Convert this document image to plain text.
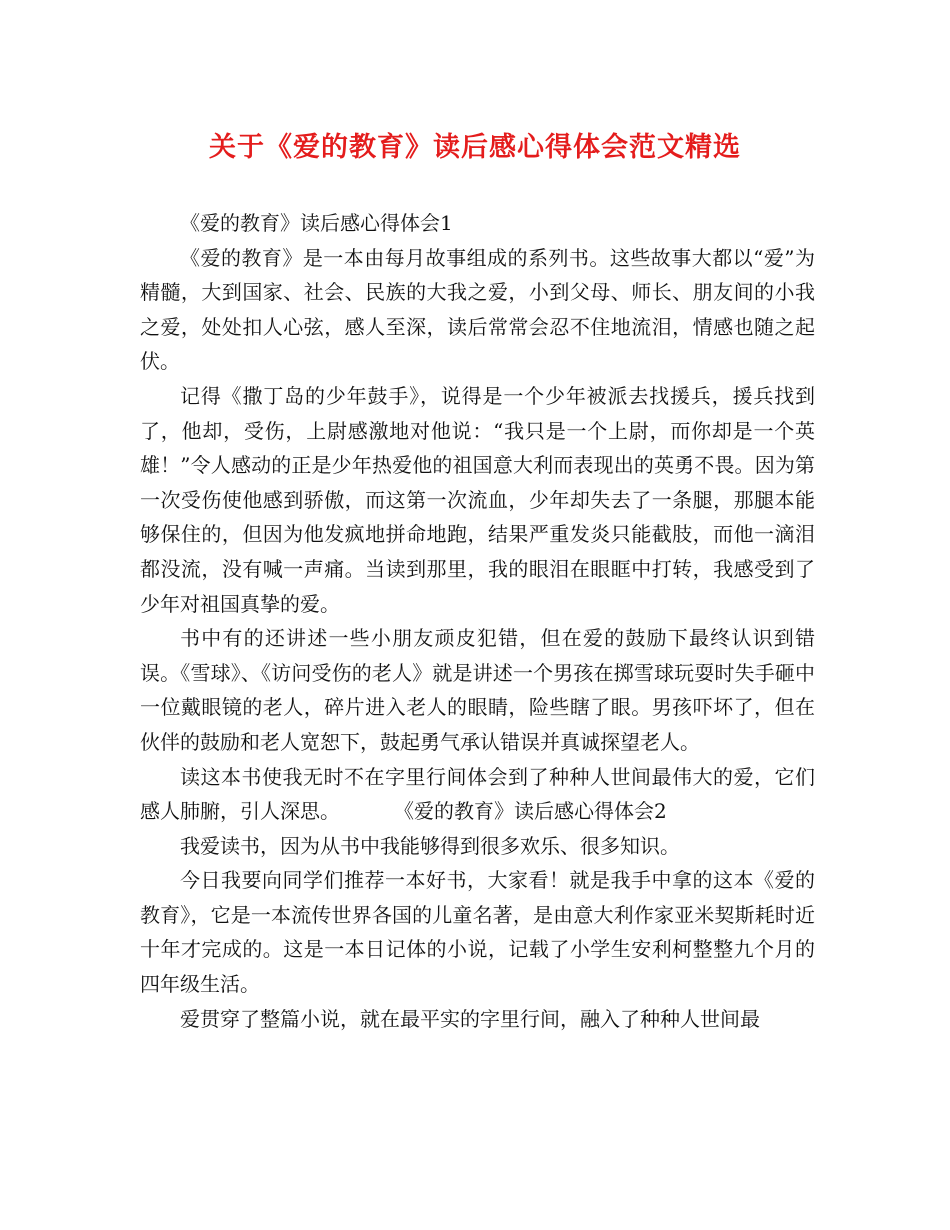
关于《爱的教育》读后感心得体会范文精选

《爱的教育》读后感心得体会1

《爱的教育》是一本由每月故事组成的系列书。这些故事大都以“爱”为精髓，大到国家、社会、民族的大我之爱，小到父母、师长、朋友间的小我之爱，处处扣人心弦，感人至深，读后常常会忍不住地流泪，情感也随之起伏。

记得《撒丁岛的少年鼓手》，说得是一个少年被派去找援兵，援兵找到了，他却，受伤，上尉感激地对他说：“我只是一个上尉，而你却是一个英雄！”令人感动的正是少年热爱他的祖国意大利而表现出的英勇不畏。因为第一次受伤使他感到骄傲，而这第一次流血，少年却失去了一条腿，那腿本能够保住的，但因为他发疯地拼命地跑，结果严重发炎只能截肢，而他一滴泪都没流，没有喊一声痛。当读到那里，我的眼泪在眼眶中打转，我感受到了少年对祖国真挚的爱。

书中有的还讲述一些小朋友顽皮犯错，但在爱的鼓励下最终认识到错误。《雪球》、《访问受伤的老人》就是讲述一个男孩在掷雪球玩耍时失手砸中一位戴眼镜的老人，碎片进入老人的眼睛，险些瞎了眼。男孩吓坏了，但在伙伴的鼓励和老人宽恕下，鼓起勇气承认错误并真诚探望老人。

读这本书使我无时不在字里行间体会到了种种人世间最伟大的爱，它们感人肺腑，引人深思。	《爱的教育》读后感心得体会2

我爱读书，因为从书中我能够得到很多欢乐、很多知识。

今日我要向同学们推荐一本好书，大家看！就是我手中拿的这本《爱的教育》，它是一本流传世界各国的儿童名著，是由意大利作家亚米契斯耗时近十年才完成的。这是一本日记体的小说，记载了小学生安利柯整整九个月的四年级生活。

爱贯穿了整篇小说，就在最平实的字里行间，融入了种种人世间最
